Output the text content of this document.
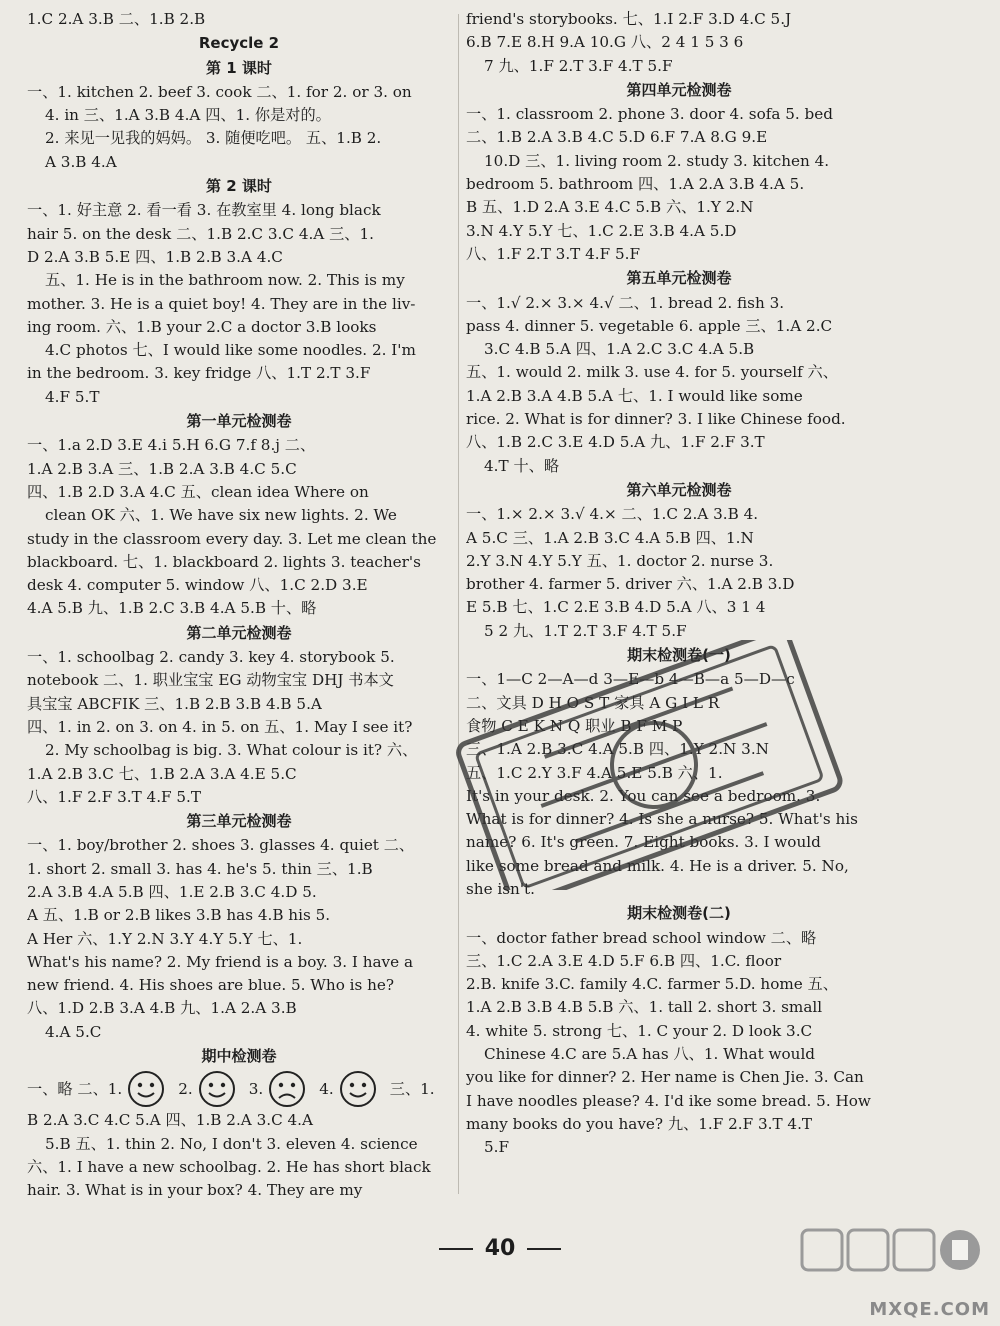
1.C 2.A 3.B 二、1.B 2.B
Recycle 2
第 1 课时
一、1. kitchen 2. beef 3. cook 二、1. for 2. or 3. on
4. in 三、1.A 3.B 4.A 四、1. 你是对的。
2. 来见一见我的妈妈。 3. 随便吃吧。 五、1.B 2.
A 3.B 4.A
第 2 课时
一、1. 好主意 2. 看一看 3. 在教室里 4. long black
hair 5. on the desk 二、1.B 2.C 3.C 4.A 三、1.
D 2.A 3.B 5.E 四、1.B 2.B 3.A 4.C
五、1. He is in the bathroom now. 2. This is my
mother. 3. He is a quiet boy! 4. They are in the liv-
ing room. 六、1.B your 2.C a doctor 3.B looks
4.C photos 七、I would like some noodles. 2. I'm
in the bedroom. 3. key fridge 八、1.T 2.T 3.F
4.F 5.T
第一单元检测卷
一、1.a 2.D 3.E 4.i 5.H 6.G 7.f 8.j 二、
1.A 2.B 3.A 三、1.B 2.A 3.B 4.C 5.C
四、1.B 2.D 3.A 4.C 五、clean idea Where on
clean OK 六、1. We have six new lights. 2. We
study in the classroom every day. 3. Let me clean the
blackboard. 七、1. blackboard 2. lights 3. teacher's
desk 4. computer 5. window 八、1.C 2.D 3.E
4.A 5.B 九、1.B 2.C 3.B 4.A 5.B 十、略
第二单元检测卷
一、1. schoolbag 2. candy 3. key 4. storybook 5.
notebook 二、1. 职业宝宝 EG 动物宝宝 DHJ 书本文
具宝宝 ABCFIK 三、1.B 2.B 3.B 4.B 5.A
四、1. in 2. on 3. on 4. in 5. on 五、1. May I see it?
2. My schoolbag is big. 3. What colour is it? 六、
1.A 2.B 3.C 七、1.B 2.A 3.A 4.E 5.C
八、1.F 2.F 3.T 4.F 5.T
第三单元检测卷
一、1. boy/brother 2. shoes 3. glasses 4. quiet 二、
1. short 2. small 3. has 4. he's 5. thin 三、1.B
2.A 3.B 4.A 5.B 四、1.E 2.B 3.C 4.D 5.
A 五、1.B or 2.B likes 3.B has 4.B his 5.
A Her 六、1.Y 2.N 3.Y 4.Y 5.Y 七、1.
What's his name? 2. My friend is a boy. 3. I have a
new friend. 4. His shoes are blue. 5. Who is he?
八、1.D 2.B 3.A 4.B 九、1.A 2.A 3.B
4.A 5.C
期中检测卷
一、略 二、1.	2.	3.	4.	三、1.
B 2.A 3.C 4.C 5.A 四、1.B 2.A 3.C 4.A
5.B 五、1. thin 2. No, I don't 3. eleven 4. science
六、1. I have a new schoolbag. 2. He has short black
hair. 3. What is in your box? 4. They are my
friend's storybooks. 七、1.I 2.F 3.D 4.C 5.J
6.B 7.E 8.H 9.A 10.G 八、2 4 1 5 3 6
7 九、1.F 2.T 3.F 4.T 5.F
第四单元检测卷
一、1. classroom 2. phone 3. door 4. sofa 5. bed
二、1.B 2.A 3.B 4.C 5.D 6.F 7.A 8.G 9.E
10.D 三、1. living room 2. study 3. kitchen 4.
bedroom 5. bathroom 四、1.A 2.A 3.B 4.A 5.
B 五、1.D 2.A 3.E 4.C 5.B 六、1.Y 2.N
3.N 4.Y 5.Y 七、1.C 2.E 3.B 4.A 5.D
八、1.F 2.T 3.T 4.F 5.F
第五单元检测卷
一、1.√ 2.× 3.× 4.√ 二、1. bread 2. fish 3.
pass 4. dinner 5. vegetable 6. apple 三、1.A 2.C
3.C 4.B 5.A 四、1.A 2.C 3.C 4.A 5.B
五、1. would 2. milk 3. use 4. for 5. yourself 六、
1.A 2.B 3.A 4.B 5.A 七、1. I would like some
rice. 2. What is for dinner? 3. I like Chinese food.
八、1.B 2.C 3.E 4.D 5.A 九、1.F 2.F 3.T
4.T 十、略
第六单元检测卷
一、1.× 2.× 3.√ 4.× 二、1.C 2.A 3.B 4.
A 5.C 三、1.A 2.B 3.C 4.A 5.B 四、1.N
2.Y 3.N 4.Y 5.Y 五、1. doctor 2. nurse 3.
brother 4. farmer 5. driver 六、1.A 2.B 3.D
E 5.B 七、1.C 2.E 3.B 4.D 5.A 八、3 1 4
5 2 九、1.T 2.T 3.F 4.T 5.F
期末检测卷(一)
一、1—C 2—A—d 3—E—b 4—B—a 5—D—c
二、文具 D H O S T 家具 A G I L R
食物 C E K N Q 职业 B F M P
三、1.A 2.B 3.C 4.A 5.B 四、1.Y 2.N 3.N
五、1.C 2.Y 3.F 4.A 5.E 5.B 六、1.
It's in your desk. 2. You can see a bedroom. 3.
What is for dinner? 4. Is she a nurse? 5. What's his
name? 6. It's green. 7. Eight books. 3. I would
like some bread and milk. 4. He is a driver. 5. No,
she isn't.
期末检测卷(二)
一、doctor father bread school window 二、略
三、1.C 2.A 3.E 4.D 5.F 6.B 四、1.C. floor
2.B. knife 3.C. family 4.C. farmer 5.D. home 五、
1.A 2.B 3.B 4.B 5.B 六、1. tall 2. short 3. small
4. white 5. strong 七、1. C your 2. D look 3.C
Chinese 4.C are 5.A has 八、1. What would
you like for dinner? 2. Her name is Chen Jie. 3. Can
I have noodles please? 4. I'd ike some bread. 5. How
many books do you have? 九、1.F 2.F 3.T 4.T
5.F
40
MXQE.COM
